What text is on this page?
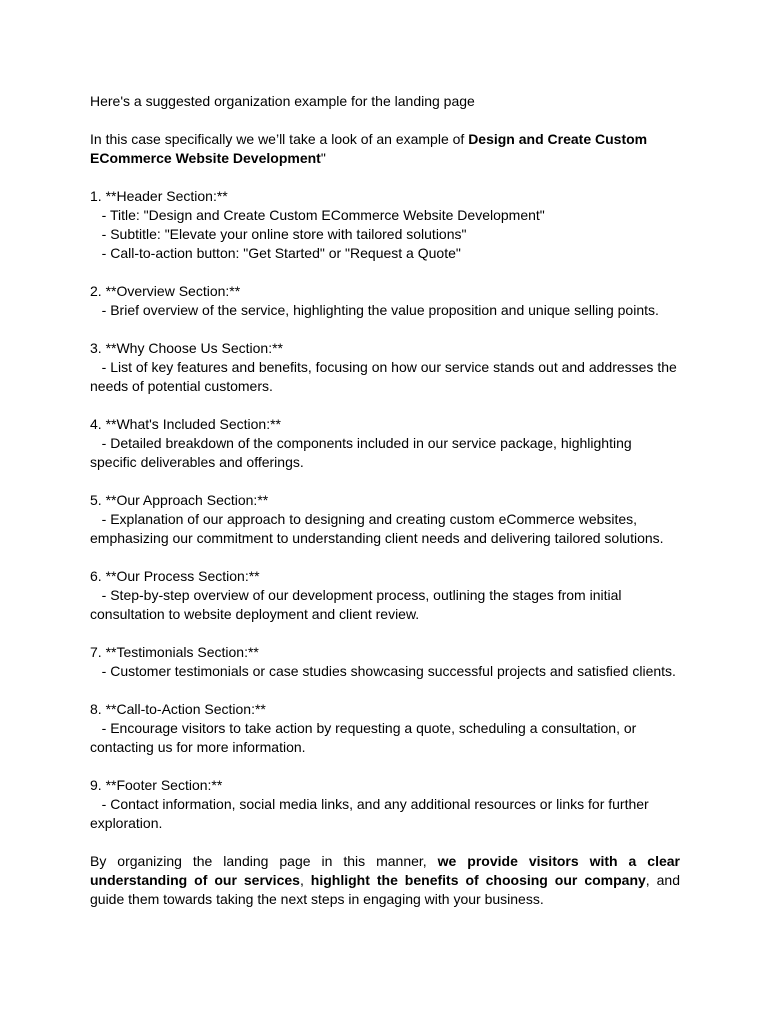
Here's a suggested organization example for the landing page

In this case specifically we we’ll take a look of an example of Design and Create Custom ECommerce Website Development"

1. **Header Section:**

- Title: "Design and Create Custom ECommerce Website Development"

- Subtitle: "Elevate your online store with tailored solutions"

- Call-to-action button: "Get Started" or "Request a Quote"

2. **Overview Section:**

- Brief overview of the service, highlighting the value proposition and unique selling points.

3. **Why Choose Us Section:**

- List of key features and benefits, focusing on how our service stands out and addresses the needs of potential customers.

4. **What's Included Section:**

- Detailed breakdown of the components included in our service package, highlighting specific deliverables and offerings.

5. **Our Approach Section:**

- Explanation of our approach to designing and creating custom eCommerce websites, emphasizing our commitment to understanding client needs and delivering tailored solutions.

6. **Our Process Section:**

- Step-by-step overview of our development process, outlining the stages from initial consultation to website deployment and client review.

7. **Testimonials Section:**

- Customer testimonials or case studies showcasing successful projects and satisfied clients.

8. **Call-to-Action Section:**

- Encourage visitors to take action by requesting a quote, scheduling a consultation, or contacting us for more information.

9. **Footer Section:**

- Contact information, social media links, and any additional resources or links for further exploration.

By organizing the landing page in this manner, we provide visitors with a clear understanding of our services, highlight the benefits of choosing our company, and guide them towards taking the next steps in engaging with your business.
